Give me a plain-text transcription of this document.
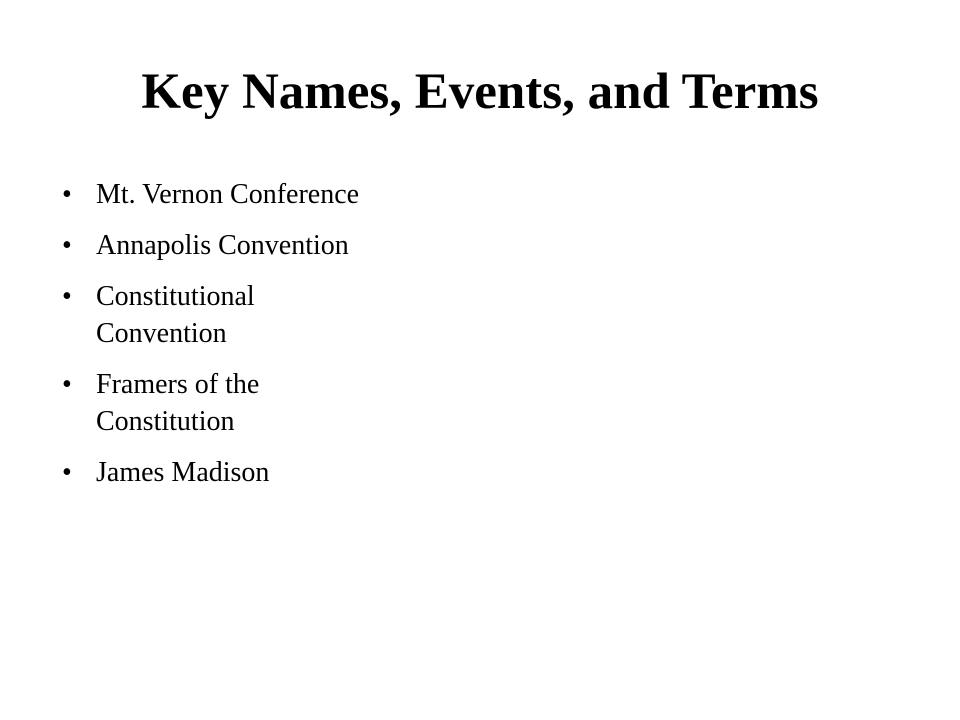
Key Names, Events, and Terms
• Mt. Vernon Conference
• Annapolis Convention
• Constitutional
Convention
• Framers of the
Constitution
• James Madison
